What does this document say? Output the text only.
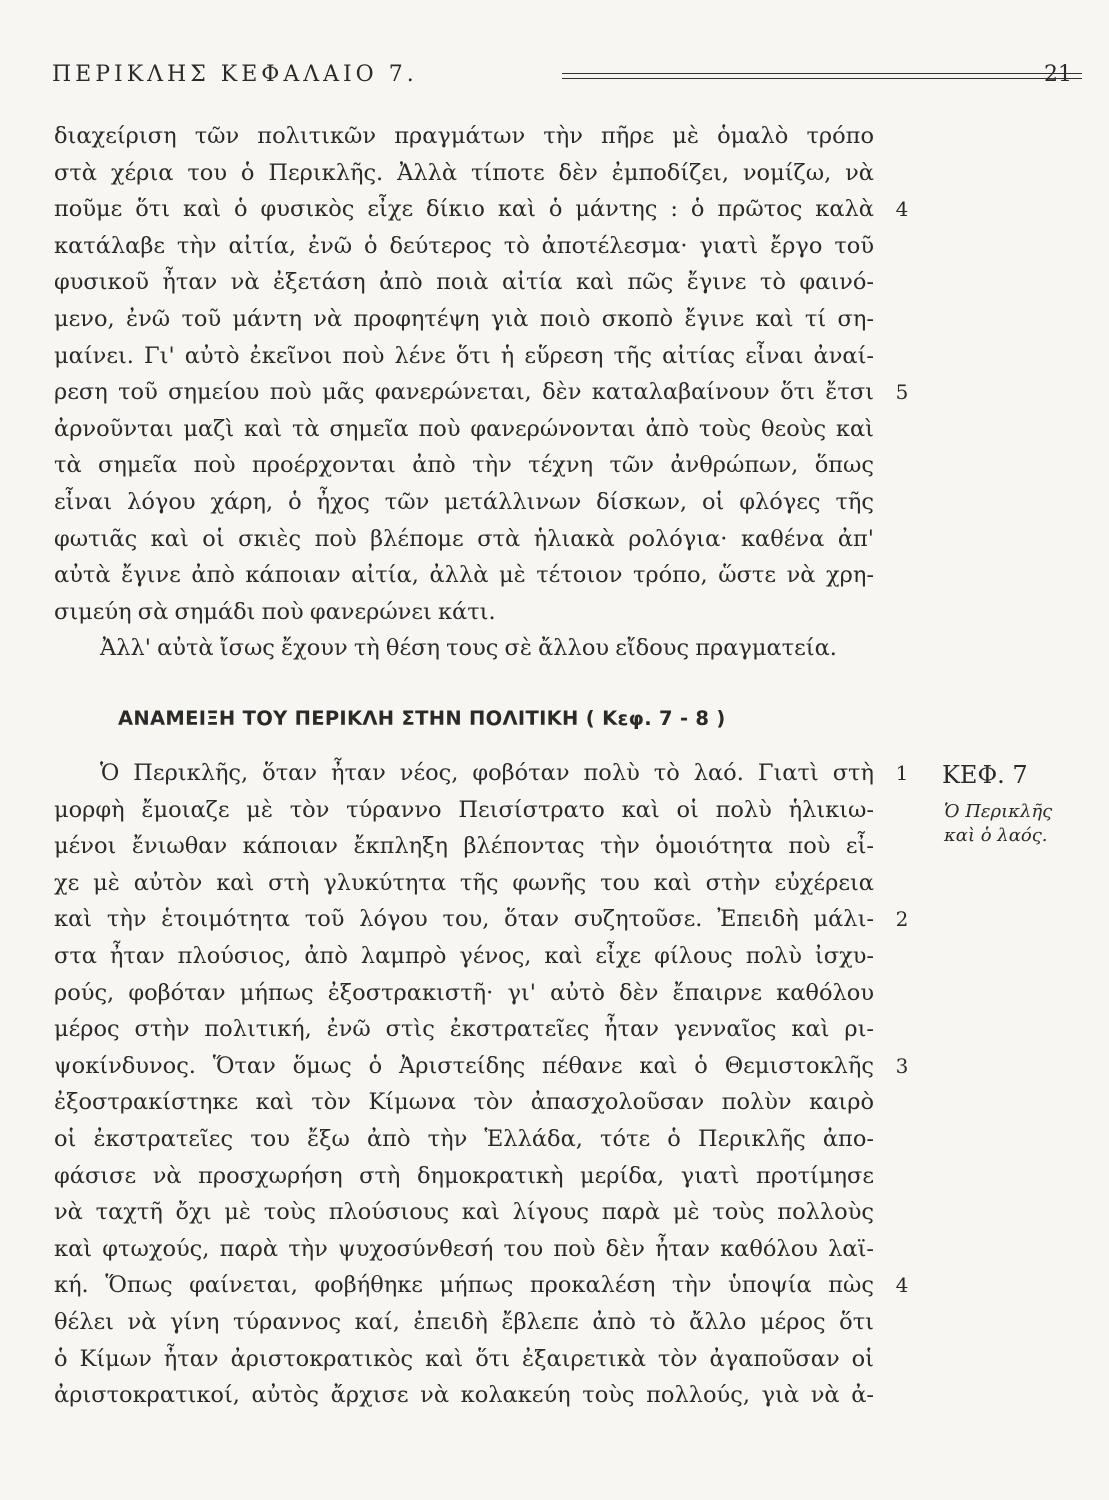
ΠΕΡΙΚΛΗΣ ΚΕΦΑΛΑΙΟ 7.	21
διαχείριση τῶν πολιτικῶν πραγμάτων τὴν πῆρε μὲ ὁμαλὸ τρόπο
στὰ χέρια του ὁ Περικλῆς. Ἀλλὰ τίποτε δὲν ἐμποδίζει, νομίζω, νὰ
ποῦμε ὅτι καὶ ὁ φυσικὸς εἶχε δίκιο καὶ ὁ μάντης : ὁ πρῶτος καλὰ
κατάλαβε τὴν αἰτία, ἐνῶ ὁ δεύτερος τὸ ἀποτέλεσμα· γιατὶ ἔργο τοῦ
φυσικοῦ ἦταν νὰ ἐξετάση ἀπὸ ποιὰ αἰτία καὶ πῶς ἔγινε τὸ φαινό-
μενο, ἐνῶ τοῦ μάντη νὰ προφητέψη γιὰ ποιὸ σκοπὸ ἔγινε καὶ τί ση-
μαίνει. Γι' αὐτὸ ἐκεῖνοι ποὺ λένε ὅτι ἡ εὕρεση τῆς αἰτίας εἶναι ἀναί-
ρεση τοῦ σημείου ποὺ μᾶς φανερώνεται, δὲν καταλαβαίνουν ὅτι ἔτσι
ἀρνοῦνται μαζὶ καὶ τὰ σημεῖα ποὺ φανερώνονται ἀπὸ τοὺς θεοὺς καὶ
τὰ σημεῖα ποὺ προέρχονται ἀπὸ τὴν τέχνη τῶν ἀνθρώπων, ὅπως
εἶναι λόγου χάρη, ὁ ἦχος τῶν μετάλλινων δίσκων, οἱ φλόγες τῆς
φωτιᾶς καὶ οἱ σκιὲς ποὺ βλέπομε στὰ ἡλιακὰ ρολόγια· καθένα ἀπ'
αὐτὰ ἔγινε ἀπὸ κάποιαν αἰτία, ἀλλὰ μὲ τέτοιον τρόπο, ὥστε νὰ χρη-
σιμεύη σὰ σημάδι ποὺ φανερώνει κάτι.
Ἀλλ' αὐτὰ ἴσως ἔχουν τὴ θέση τους σὲ ἄλλου εἴδους πραγματεία.
4
5
ΑΝΑΜΕΙΞΗ ΤΟΥ ΠΕΡΙΚΛΗ ΣΤΗΝ ΠΟΛΙΤΙΚΗ ( Κεφ. 7 - 8 )
Ὁ Περικλῆς, ὅταν ἦταν νέος, φοβόταν πολὺ τὸ λαό. Γιατὶ στὴ
μορφὴ ἔμοιαζε μὲ τὸν τύραννο Πεισίστρατο καὶ οἱ πολὺ ἡλικιω-
μένοι ἔνιωθαν κάποιαν ἔκπληξη βλέποντας τὴν ὁμοιότητα ποὺ εἶ-
χε μὲ αὐτὸν καὶ στὴ γλυκύτητα τῆς φωνῆς του καὶ στὴν εὐχέρεια
καὶ τὴν ἑτοιμότητα τοῦ λόγου του, ὅταν συζητοῦσε. Ἐπειδὴ μάλι-
στα ἦταν πλούσιος, ἀπὸ λαμπρὸ γένος, καὶ εἶχε φίλους πολὺ ἰσχυ-
ρούς, φοβόταν μήπως ἐξοστρακιστῆ· γι' αὐτὸ δὲν ἔπαιρνε καθόλου
μέρος στὴν πολιτική, ἐνῶ στὶς ἐκστρατεῖες ἦταν γενναῖος καὶ ρι-
ψοκίνδυνος. Ὅταν ὅμως ὁ Ἀριστείδης πέθανε καὶ ὁ Θεμιστοκλῆς
ἐξοστρακίστηκε καὶ τὸν Κίμωνα τὸν ἀπασχολοῦσαν πολὺν καιρὸ
οἱ ἐκστρατεῖες του ἔξω ἀπὸ τὴν Ἑλλάδα, τότε ὁ Περικλῆς ἀπο-
φάσισε νὰ προσχωρήση στὴ δημοκρατικὴ μερίδα, γιατὶ προτίμησε
νὰ ταχτῆ ὄχι μὲ τοὺς πλούσιους καὶ λίγους παρὰ μὲ τοὺς πολλοὺς
καὶ φτωχούς, παρὰ τὴν ψυχοσύνθεσή του ποὺ δὲν ἦταν καθόλου λαϊ-
κή. Ὅπως φαίνεται, φοβήθηκε μήπως προκαλέση τὴν ὑποψία πὼς
θέλει νὰ γίνη τύραννος καί, ἐπειδὴ ἔβλεπε ἀπὸ τὸ ἄλλο μέρος ὅτι
ὁ Κίμων ἦταν ἀριστοκρατικὸς καὶ ὅτι ἐξαιρετικὰ τὸν ἀγαποῦσαν οἱ
ἀριστοκρατικοί, αὐτὸς ἄρχισε νὰ κολακεύη τοὺς πολλούς, γιὰ νὰ ἀ-
1
2
3
4
ΚΕΦ. 7
Ὁ Περικλῆς
καὶ ὁ λαός.
